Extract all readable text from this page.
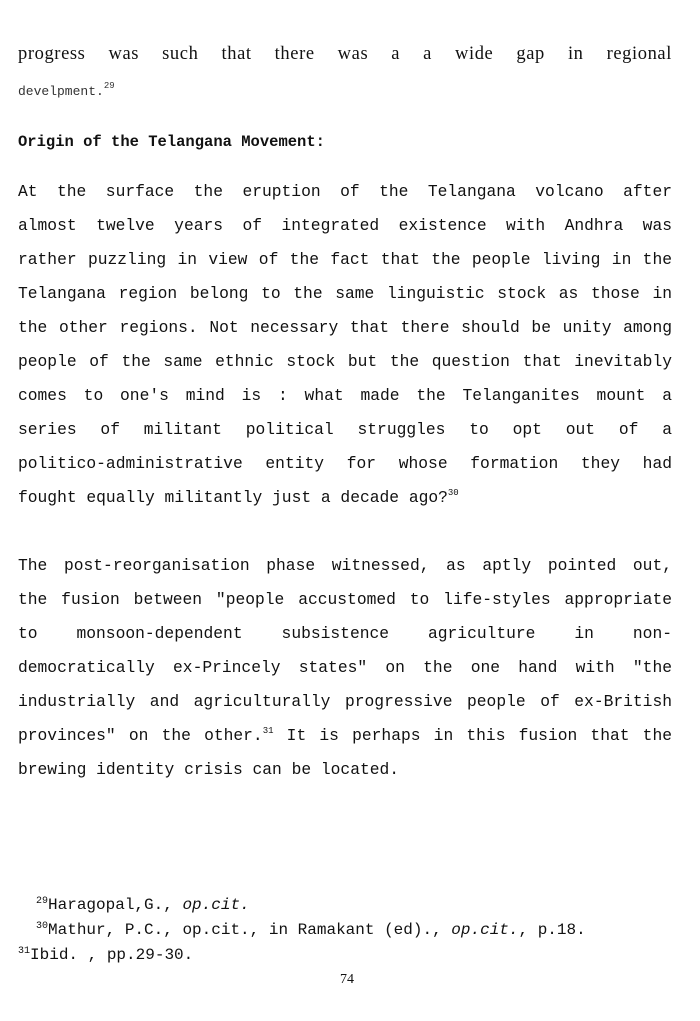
progress was such that there was a a wide gap in regional
develpment.$^{29}$
Origin of the Telangana Movement:
At the surface the eruption of the Telangana volcano after
almost twelve years of integrated existence with Andhra was
rather puzzling in view of the fact that the people living in the
Telangana region belong to the same linguistic stock as those in
the other regions. Not necessary that there should be unity among
people of the same ethnic stock but the question that inevitably
comes to one's mind is : what made the Telanganites mount a
series of militant political struggles to opt out of a
politico-administrative entity for whose formation they had
fought equally militantly just a decade ago?$^{30}$
The post-reorganisation phase witnessed, as aptly pointed out,
the fusion between "people accustomed to life-styles appropriate
to monsoon-dependent subsistence agriculture in non-
democratically ex-Princely states" on the one hand with "the
industrially and agriculturally progressive people of ex-British
provinces" on the other.$^{31}$ It is perhaps in this fusion that the
brewing identity crisis can be located.
$^{29}$Haragopal,G., op.cit.
$^{30}$Mathur, P.C., op.cit., in Ramakant (ed)., op.cit., p.18.
$^{31}$Ibid. , pp.29-30.
74
